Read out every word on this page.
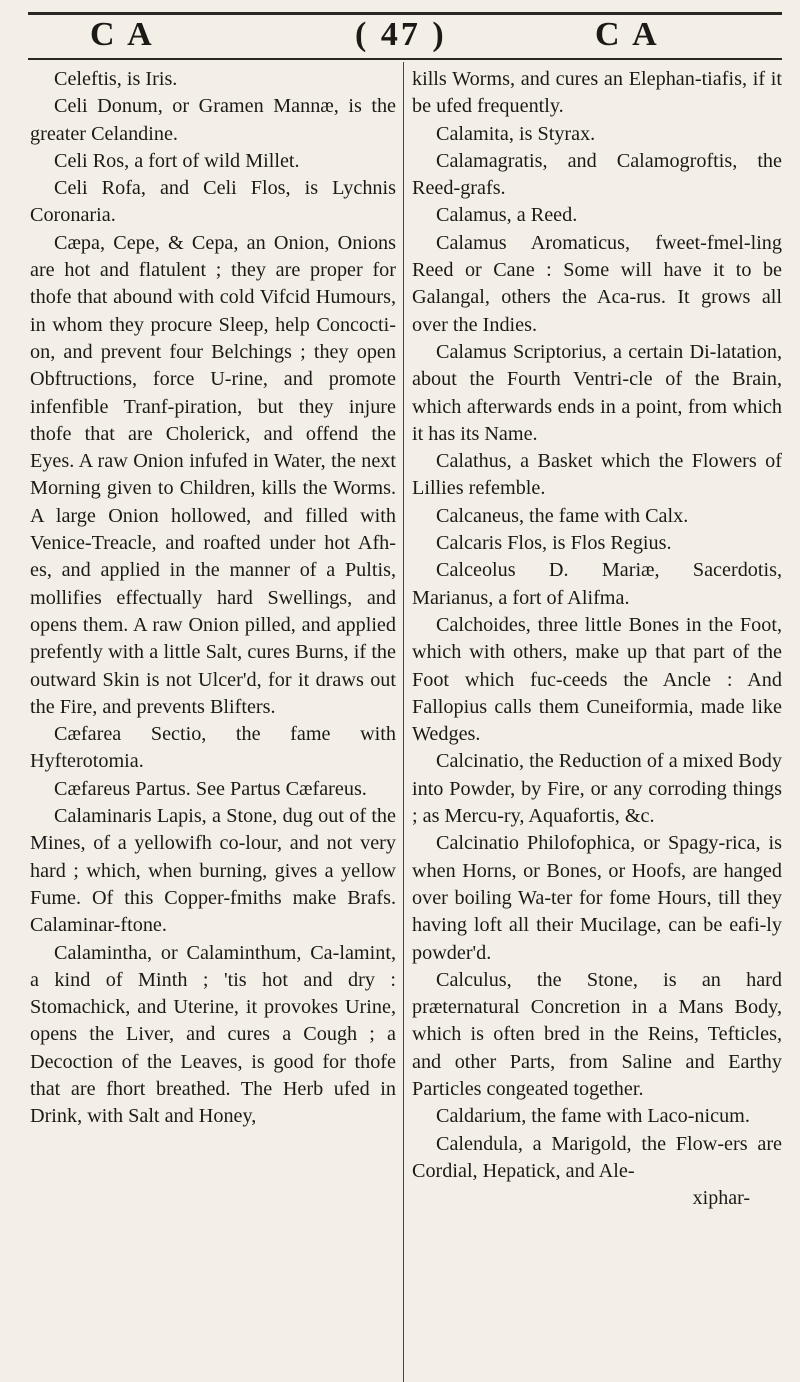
C A	( 47 )	C A

Celeftis, is Iris.

Celi Donum, or Gramen Mannæ, is the greater Celandine.

Celi Ros, a fort of wild Millet.

Celi Rofa, and Celi Flos, is Lychnis Coronaria.

Cæpa, Cepe, & Cepa, an Onion, Onions are hot and flatulent ; they are proper for thofe that abound with cold Vifcid Humours, in whom they procure Sleep, help Concocti-on, and prevent four Belchings ; they open Obftructions, force U-rine, and promote infenfible Tranf-piration, but they injure thofe that are Cholerick, and offend the Eyes. A raw Onion infufed in Water, the next Morning given to Children, kills the Worms. A large Onion hollowed, and filled with Venice-Treacle, and roafted under hot Afh-es, and applied in the manner of a Pultis, mollifies effectually hard Swellings, and opens them. A raw Onion pilled, and applied prefently with a little Salt, cures Burns, if the outward Skin is not Ulcer'd, for it draws out the Fire, and prevents Blifters.

Cæfarea Sectio, the fame with Hyfterotomia.

Cæfareus Partus. See Partus Cæfareus.

Calaminaris Lapis, a Stone, dug out of the Mines, of a yellowifh co-lour, and not very hard ; which, when burning, gives a yellow Fume. Of this Copper-fmiths make Brafs. Calaminar-ftone.

Calamintha, or Calaminthum, Ca-lamint, a kind of Minth ; 'tis hot and dry : Stomachick, and Uterine, it provokes Urine, opens the Liver, and cures a Cough ; a Decoction of the Leaves, is good for thofe that are fhort breathed. The Herb ufed in Drink, with Salt and Honey,

kills Worms, and cures an Elephan-tiafis, if it be ufed frequently.

Calamita, is Styrax.

Calamagratis, and Calamogroftis, the Reed-grafs.

Calamus, a Reed.

Calamus Aromaticus, fweet-fmel-ling Reed or Cane : Some will have it to be Galangal, others the Aca-rus. It grows all over the Indies.

Calamus Scriptorius, a certain Di-latation, about the Fourth Ventri-cle of the Brain, which afterwards ends in a point, from which it has its Name.

Calathus, a Basket which the Flowers of Lillies refemble.

Calcaneus, the fame with Calx.

Calcaris Flos, is Flos Regius.

Calceolus D. Mariæ, Sacerdotis, Marianus, a fort of Alifma.

Calchoides, three little Bones in the Foot, which with others, make up that part of the Foot which fuc-ceeds the Ancle : And Fallopius calls them Cuneiformia, made like Wedges.

Calcinatio, the Reduction of a mixed Body into Powder, by Fire, or any corroding things ; as Mercu-ry, Aquafortis, &c.

Calcinatio Philofophica, or Spagy-rica, is when Horns, or Bones, or Hoofs, are hanged over boiling Wa-ter for fome Hours, till they having loft all their Mucilage, can be eafi-ly powder'd.

Calculus, the Stone, is an hard præternatural Concretion in a Mans Body, which is often bred in the Reins, Tefticles, and other Parts, from Saline and Earthy Particles congeated together.

Caldarium, the fame with Laco-nicum.

Calendula, a Marigold, the Flow-ers are Cordial, Hepatick, and Ale-

xiphar-
